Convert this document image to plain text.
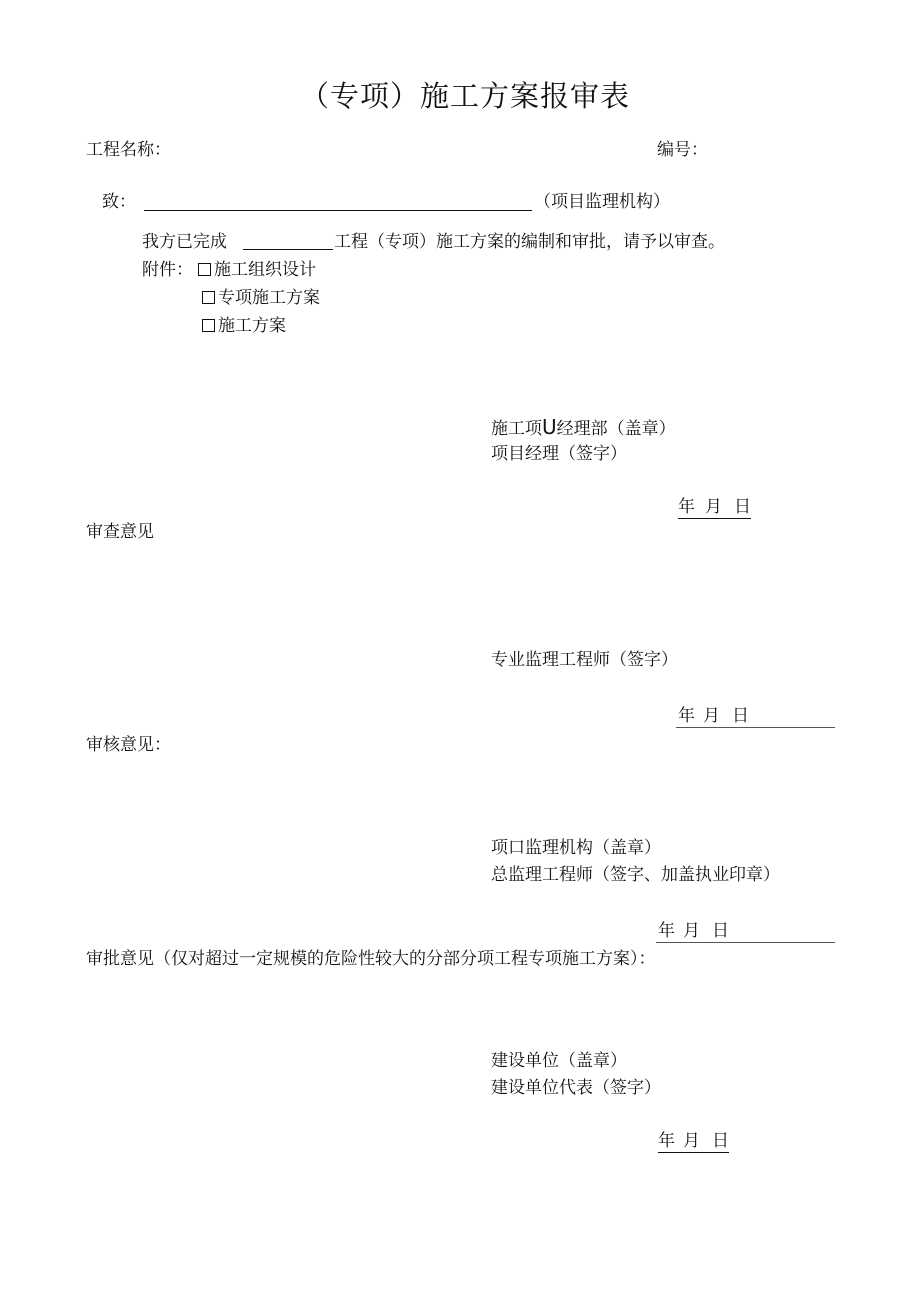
（专项）施工方案报审表
工程名称：	编号：
致：	（项目监理机构）
我方已完成	工程（专项）施工方案的编制和审批，请予以审查。
附件：	施工组织设计
专项施工方案
施工方案
施工项U经理部（盖章）
项目经理（签字）
年 月 日
审查意见
专业监理工程师（签字）
年 月 日
审核意见：
项口监理机构（盖章）
总监理工程师（签字、加盖执业印章）
年 月 日
审批意见（仅对超过一定规模的危险性较大的分部分项工程专项施工方案）：
建设单位（盖章）
建设单位代表（签字）
年 月 日
